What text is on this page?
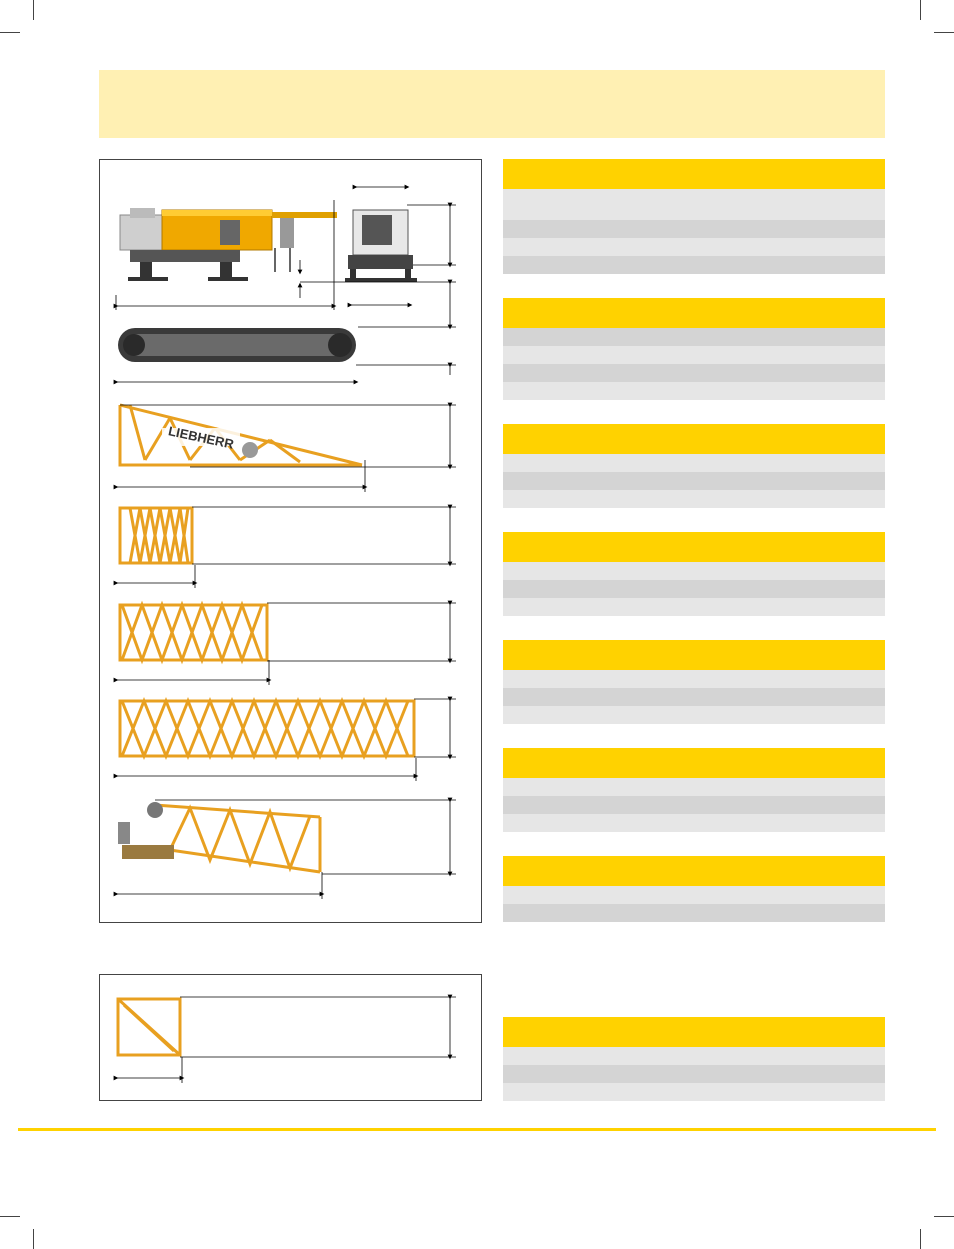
LIEBHERR
